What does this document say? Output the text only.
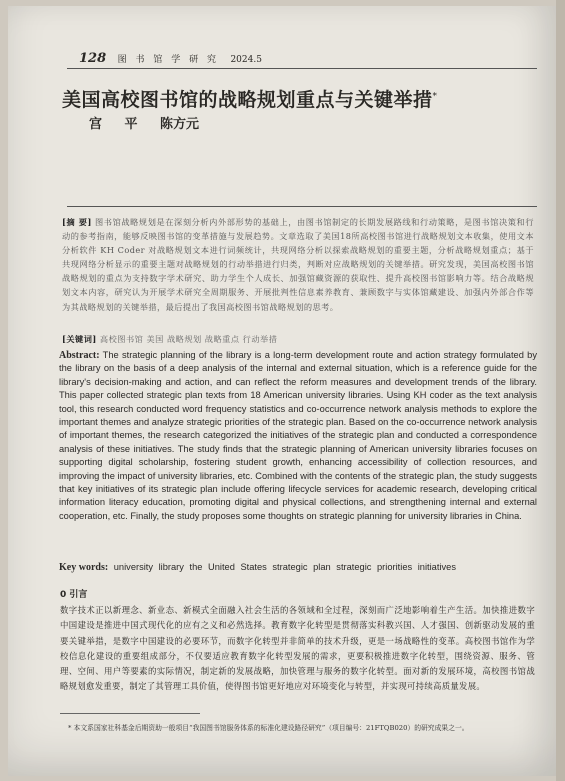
128 图 书 馆 学 研 究 2024.5
美国高校图书馆的战略规划重点与关键举措*
宫 平 陈方元
[摘 要] 图书馆战略规划是在深刻分析内外部形势的基础上，由图书馆制定的长期发展路线和行动策略，是图书馆决策和行动的参考指南，能够反映图书馆的变革措施与发展趋势。文章选取了美国18所高校图书馆进行战略规划文本收集，使用文本分析软件 KH Coder 对战略规划文本进行词频统计，共现网络分析以探索战略规划的重要主题，分析战略规划重点；基于共现网络分析显示的重要主题对战略规划的行动举措进行归类，判断对应战略规划的关键举措。研究发现，美国高校图书馆战略规划的重点为支持数字学术研究、助力学生个人成长、加强馆藏资源的获取性、提升高校图书馆影响力等。结合战略规划文本内容，研究认为开展学术研究全周期服务、开展批判性信息素养教育、兼顾数字与实体馆藏建设、加强内外部合作等为其战略规划的关键举措，最后提出了我国高校图书馆战略规划的思考。
[关键词] 高校图书馆 美国 战略规划 战略重点 行动举措
Abstract: The strategic planning of the library is a long-term development route and action strategy formulated by the library on the basis of a deep analysis of the internal and external situation, which is a reference guide for the library's decision-making and action, and can reflect the reform measures and development trends of the library. This paper collected strategic plan texts from 18 American university libraries. Using KH coder as the text analysis tool, this research conducted word frequency statistics and co-occurrence network analysis methods to explore the important themes and analyze strategic priorities of the strategic plan. Based on the co-occurrence network analysis of important themes, the research categorized the initiatives of the strategic plan and conducted a correspondence analysis of these initiatives. The study finds that the strategic planning of American university libraries focuses on supporting digital scholarship, fostering student growth, enhancing accessibility of collection resources, and improving the impact of university libraries, etc. Combined with the contents of the strategic plan, the study suggests that key initiatives of its strategic plan include offering lifecycle services for academic research, developing critical information literacy education, promoting digital and physical collections, and strengthening internal and external cooperation, etc. Finally, the study proposes some thoughts on strategic planning for university libraries in China.
Key words: university library the United States strategic plan strategic priorities initiatives
0 引言
数字技术正以新理念、新业态、新模式全面融入社会生活的各领域和全过程，深刻而广泛地影响着生产生活。加快推进数字中国建设是推进中国式现代化的应有之义和必然选择。教育数字化转型是贯彻落实科教兴国、人才强国、创新驱动发展的重要关键举措，是数字中国建设的必要环节，而数字化转型并非简单的技术升级，更是一场战略性的变革。高校图书馆作为学校信息化建设的重要组成部分，不仅要适应教育数字化转型发展的需求，更要积极推进数字化转型，围绕资源、服务、管理、空间、用户等要素的实际情况，制定新的发展战略，加快管理与服务的数字化转型。面对新的发展环境，高校图书馆战略规划愈发重要，制定了其管理工具价值，使得图书馆更好地应对环境变化与转型，并实现可持续高质量发展。
* 本文系国家社科基金后期资助一般项目“我国图书馆服务体系的标准化建设路径研究”（项目编号：21FTQB020）的研究成果之一。
